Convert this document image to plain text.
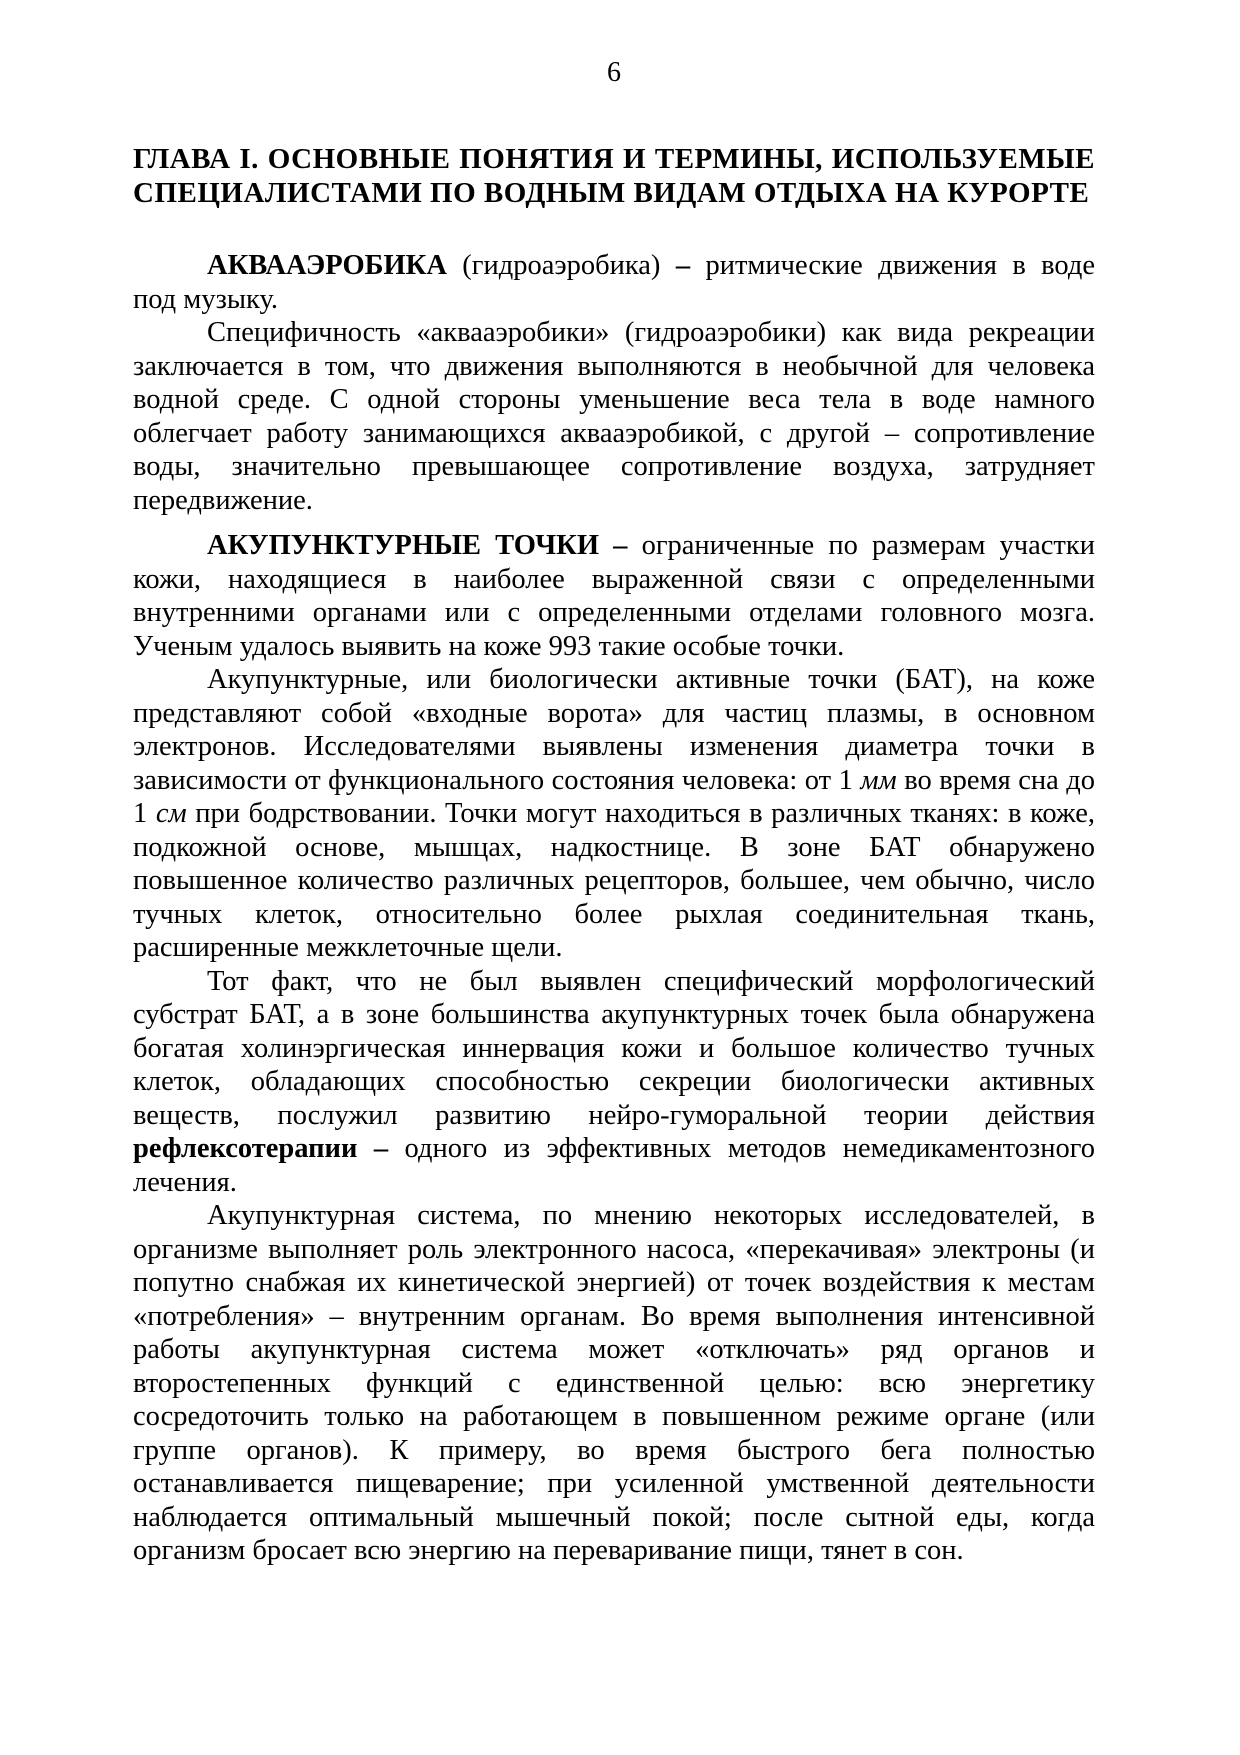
6
ГЛАВА I. ОСНОВНЫЕ ПОНЯТИЯ И ТЕРМИНЫ, ИСПОЛЬЗУЕМЫЕ СПЕЦИАЛИСТАМИ ПО ВОДНЫМ ВИДАМ ОТДЫХА НА КУРОРТЕ

АКВААЭРОБИКА (гидроаэробика) – ритмические движения в воде под музыку.

Специфичность «аквааэробики» (гидроаэробики) как вида рекреации заключается в том, что движения выполняются в необычной для человека водной среде. С одной стороны уменьшение веса тела в воде намного облегчает работу занимающихся аквааэробикой, с другой – сопротивление воды, значительно превышающее сопротивление воздуха, затрудняет передвижение.

АКУПУНКТУРНЫЕ ТОЧКИ – ограниченные по размерам участки кожи, находящиеся в наиболее выраженной связи с определенными внутренними органами или с определенными отделами головного мозга. Ученым удалось выявить на коже 993 такие особые точки.

Акупунктурные, или биологически активные точки (БАТ), на коже представляют собой «входные ворота» для частиц плазмы, в основном электронов. Исследователями выявлены изменения диаметра точки в зависимости от функционального состояния человека: от 1 мм во время сна до 1 см при бодрствовании. Точки могут находиться в различных тканях: в коже, подкожной основе, мышцах, надкостнице. В зоне БАТ обнаружено повышенное количество различных рецепторов, большее, чем обычно, число тучных клеток, относительно более рыхлая соединительная ткань, расширенные межклеточные щели.

Тот факт, что не был выявлен специфический морфологический субстрат БАТ, а в зоне большинства акупунктурных точек была обнаружена богатая холинэргическая иннервация кожи и большое количество тучных клеток, обладающих способностью секреции биологически активных веществ, послужил развитию нейро-гуморальной теории действия рефлексотерапии – одного из эффективных методов немедикаментозного лечения.

Акупунктурная система, по мнению некоторых исследователей, в организме выполняет роль электронного насоса, «перекачивая» электроны (и попутно снабжая их кинетической энергией) от точек воздействия к местам «потребления» – внутренним органам. Во время выполнения интенсивной работы акупунктурная система может «отключать» ряд органов и второстепенных функций с единственной целью: всю энергетику сосредоточить только на работающем в повышенном режиме органе (или группе органов). К примеру, во время быстрого бега полностью останавливается пищеварение; при усиленной умственной деятельности наблюдается оптимальный мышечный покой; после сытной еды, когда организм бросает всю энергию на переваривание пищи, тянет в сон.
